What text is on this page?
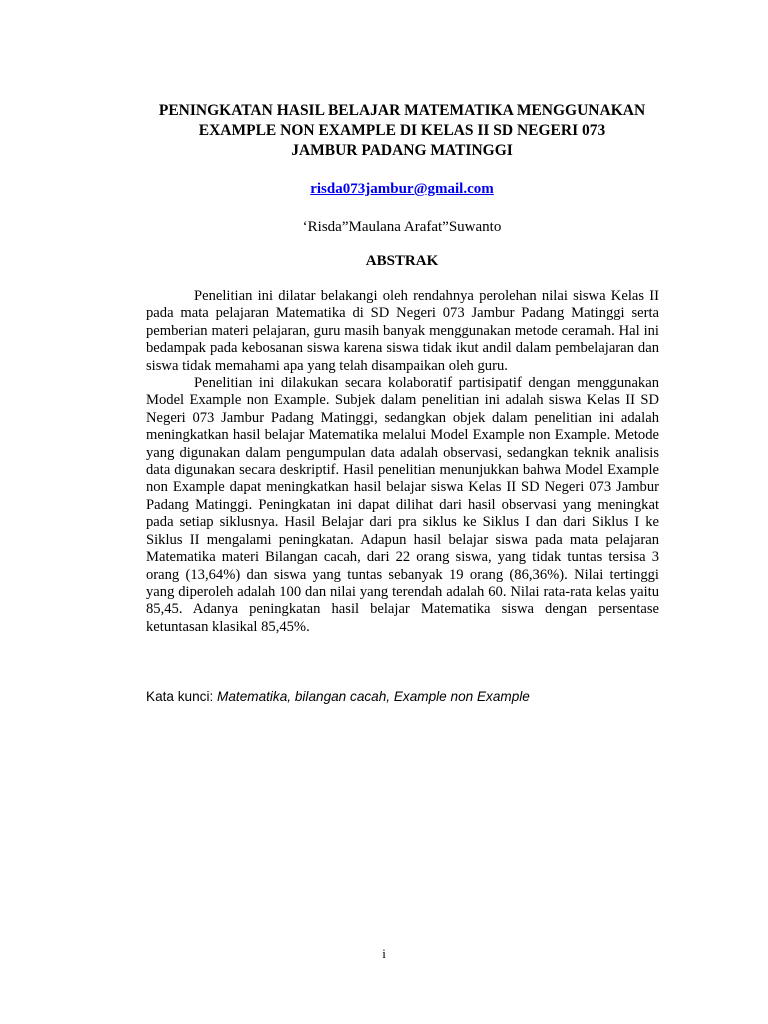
PENINGKATAN HASIL BELAJAR MATEMATIKA MENGGUNAKAN
EXAMPLE NON EXAMPLE DI KELAS II SD NEGERI 073
JAMBUR PADANG MATINGGI
risda073jambur@gmail.com
‘Risda”Maulana Arafat”Suwanto
ABSTRAK

Penelitian ini dilatar belakangi oleh rendahnya perolehan nilai siswa Kelas II pada mata pelajaran Matematika di SD Negeri 073 Jambur Padang Matinggi serta pemberian materi pelajaran, guru masih banyak menggunakan metode ceramah. Hal ini bedampak pada kebosanan siswa karena siswa tidak ikut andil dalam pembelajaran dan siswa tidak memahami apa yang telah disampaikan oleh guru.

Penelitian ini dilakukan secara kolaboratif partisipatif dengan menggunakan Model Example non Example. Subjek dalam penelitian ini adalah siswa Kelas II SD Negeri 073 Jambur Padang Matinggi, sedangkan objek dalam penelitian ini adalah meningkatkan hasil belajar Matematika melalui Model Example non Example. Metode yang digunakan dalam pengumpulan data adalah observasi, sedangkan teknik analisis data digunakan secara deskriptif. Hasil penelitian menunjukkan bahwa Model Example non Example dapat meningkatkan hasil belajar siswa Kelas II SD Negeri 073 Jambur Padang Matinggi. Peningkatan ini dapat dilihat dari hasil observasi yang meningkat pada setiap siklusnya. Hasil Belajar dari pra siklus ke Siklus I dan dari Siklus I ke Siklus II mengalami peningkatan. Adapun hasil belajar siswa pada mata pelajaran Matematika materi Bilangan cacah, dari 22 orang siswa, yang tidak tuntas tersisa 3 orang (13,64%) dan siswa yang tuntas sebanyak 19 orang (86,36%). Nilai tertinggi yang diperoleh adalah 100 dan nilai yang terendah adalah 60. Nilai rata-rata kelas yaitu 85,45. Adanya peningkatan hasil belajar Matematika siswa dengan persentase ketuntasan klasikal 85,45%.

Kata kunci: Matematika, bilangan cacah, Example non Example
i
